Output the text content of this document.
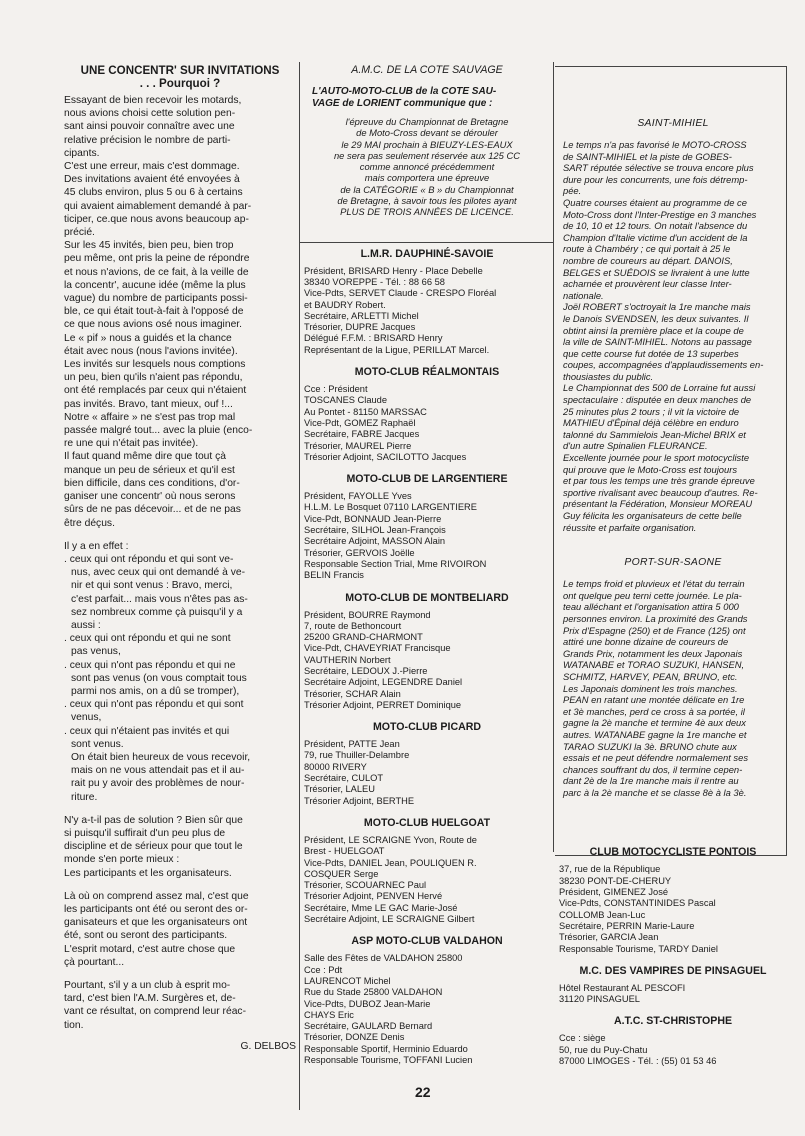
UNE CONCENTR' SUR INVITATIONS
. . . Pourquoi ?

Essayant de bien recevoir les motards,

nous avions choisi cette solution pen-

sant ainsi pouvoir connaître avec une

relative précision le nombre de parti-

cipants.

C'est une erreur, mais c'est dommage.

Des invitations avaient été envoyées à

45 clubs environ, plus 5 ou 6 à certains

qui avaient aimablement demandé à par-

ticiper, ce.que nous avons beaucoup ap-

précié.

Sur les 45 invités, bien peu, bien trop

peu même, ont pris la peine de répondre

et nous n'avions, de ce fait, à la veille de

la concentr', aucune idée (même la plus

vague) du nombre de participants possi-

ble, ce qui était tout-à-fait à l'opposé de

ce que nous avions osé nous imaginer.

Le « pif » nous a guidés et la chance

était avec nous (nous l'avions invitée).

Les invités sur lesquels nous comptions

un peu, bien qu'ils n'aient pas répondu,

ont été remplacés par ceux qui n'étaient

pas invités. Bravo, tant mieux, ouf !...

Notre « affaire » ne s'est pas trop mal

passée malgré tout... avec la pluie (enco-

re une qui n'était pas invitée).

Il faut quand même dire que tout çà

manque un peu de sérieux et qu'il est

bien difficile, dans ces conditions, d'or-

ganiser une concentr' où nous serons

sûrs de ne pas décevoir... et de ne pas

être déçus.

Il y a en effet :

. ceux qui ont répondu et qui sont ve-

nus, avec ceux qui ont demandé à ve-

nir et qui sont venus : Bravo, merci,

c'est parfait... mais vous n'êtes pas as-

sez nombreux comme çà puisqu'il y a

aussi :

. ceux qui ont répondu et qui ne sont

pas venus,

. ceux qui n'ont pas répondu et qui ne

sont pas venus (on vous comptait tous

parmi nos amis, on a dû se tromper),

. ceux qui n'ont pas répondu et qui sont

venus,

. ceux qui n'étaient pas invités et qui

sont venus.

On était bien heureux de vous recevoir,

mais on ne vous attendait pas et il au-

rait pu y avoir des problèmes de nour-

riture.

N'y a-t-il pas de solution ? Bien sûr que

si puisqu'il suffirait d'un peu plus de

discipline et de sérieux pour que tout le

monde s'en porte mieux :

Les participants et les organisateurs.

Là où on comprend assez mal, c'est que

les participants ont été ou seront des or-

ganisateurs et que les organisateurs ont

été, sont ou seront des participants.

L'esprit motard, c'est autre chose que

çà pourtant...

Pourtant, s'il y a un club à esprit mo-

tard, c'est bien l'A.M. Surgères et, de-

vant ce résultat, on comprend leur réac-

tion.

G. DELBOS

A.M.C. DE LA COTE SAUVAGE
L'AUTO-MOTO-CLUB de la COTE SAU-
VAGE de LORIENT communique que :
l'épreuve du Championnat de Bretagne
de Moto-Cross devant se dérouler
le 29 MAI prochain à BIEUZY-LES-EAUX
ne sera pas seulement réservée aux 125 CC
comme annoncé précédemment
mais comportera une épreuve
de la CATÉGORIE « B » du Championnat
de Bretagne, à savoir tous les pilotes ayant
PLUS DE TROIS ANNÉES DE LICENCE.
L.M.R. DAUPHINÉ-SAVOIE
Président, BRISARD Henry - Place Debelle
38340 VOREPPE - Tél. : 88 66 58
Vice-Pdts, SERVET Claude - CRESPO Floréal
et BAUDRY Robert.
Secrétaire, ARLETTI Michel
Trésorier, DUPRE Jacques
Délégué F.F.M. : BRISARD Henry
Représentant de la Ligue, PERILLAT Marcel.
MOTO-CLUB RÉALMONTAIS
Cce : Président
TOSCANES Claude
Au Pontet - 81150 MARSSAC
Vice-Pdt, GOMEZ Raphaël
Secrétaire, FABRE Jacques
Trésorier, MAUREL Pierre
Trésorier Adjoint, SACILOTTO Jacques
MOTO-CLUB DE LARGENTIERE
Président, FAYOLLE Yves
H.L.M. Le Bosquet 07110 LARGENTIERE
Vice-Pdt, BONNAUD Jean-Pierre
Secrétaire, SILHOL Jean-François
Secrétaire Adjoint, MASSON Alain
Trésorier, GERVOIS Joëlle
Responsable Section Trial, Mme RIVOIRON
BELIN Francis
MOTO-CLUB DE MONTBELIARD
Président, BOURRE Raymond
7, route de Bethoncourt
25200 GRAND-CHARMONT
Vice-Pdt, CHAVEYRIAT Francisque
VAUTHERIN Norbert
Secrétaire, LEDOUX J.-Pierre
Secrétaire Adjoint, LEGENDRE Daniel
Trésorier, SCHAR Alain
Trésorier Adjoint, PERRET Dominique
MOTO-CLUB PICARD
Président, PATTE Jean
79, rue Thuiller-Delambre
80000 RIVERY
Secrétaire, CULOT
Trésorier, LALEU
Trésorier Adjoint, BERTHE
MOTO-CLUB HUELGOAT
Président, LE SCRAIGNE Yvon, Route de
Brest - HUELGOAT
Vice-Pdts, DANIEL Jean, POULIQUEN R.
COSQUER Serge
Trésorier, SCOUARNEC Paul
Trésorier Adjoint, PENVEN Hervé
Secrétaire, Mme LE GAC Marie-José
Secrétaire Adjoint, LE SCRAIGNE Gilbert
ASP MOTO-CLUB VALDAHON
Salle des Fêtes de VALDAHON 25800
Cce : Pdt
LAURENCOT Michel
Rue du Stade 25800 VALDAHON
Vice-Pdts, DUBOZ Jean-Marie
CHAYS Eric
Secrétaire, GAULARD Bernard
Trésorier, DONZE Denis
Responsable Sportif, Herminio Eduardo
Responsable Tourisme, TOFFANI Lucien
SAINT-MIHIEL

Le temps n'a pas favorisé le MOTO-CROSS

de SAINT-MIHIEL et la piste de GOBES-

SART réputée sélective se trouva encore plus

dure pour les concurrents, une fois détremp-

pée.

Quatre courses étaient au programme de ce

Moto-Cross dont l'Inter-Prestige en 3 manches

de 10, 10 et 12 tours. On notait l'absence du

Champion d'Italie victime d'un accident de la

route à Chambéry ; ce qui portait à 25 le

nombre de coureurs au départ. DANOIS,

BELGES et SUÉDOIS se livraient à une lutte

acharnée et prouvèrent leur classe Inter-

nationale.

Joël ROBERT s'octroyait la 1re manche mais

le Danois SVENDSEN, les deux suivantes. Il

obtint ainsi la première place et la coupe de

la ville de SAINT-MIHIEL. Notons au passage

que cette course fut dotée de 13 superbes

coupes, accompagnées d'applaudissements en-

thousiastes du public.

Le Championnat des 500 de Lorraine fut aussi

spectaculaire : disputée en deux manches de

25 minutes plus 2 tours ; il vit la victoire de

MATHIEU d'Épinal déjà célèbre en enduro

talonné du Sammielois Jean-Michel BRIX et

d'un autre Spinalien FLEURANCE.

Excellente journée pour le sport motocycliste

qui prouve que le Moto-Cross est toujours

et par tous les temps une très grande épreuve

sportive rivalisant avec beaucoup d'autres. Re-

présentant la Fédération, Monsieur MOREAU

Guy félicita les organisateurs de cette belle

réussite et parfaite organisation.

PORT-SUR-SAONE

Le temps froid et pluvieux et l'état du terrain

ont quelque peu terni cette journée. Le pla-

teau alléchant et l'organisation attira 5 000

personnes environ. La proximité des Grands

Prix d'Espagne (250) et de France (125) ont

attiré une bonne dizaine de coureurs de

Grands Prix, notamment les deux Japonais

WATANABE et TORAO SUZUKI, HANSEN,

SCHMITZ, HARVEY, PEAN, BRUNO, etc.

Les Japonais dominent les trois manches.

PEAN en ratant une montée délicate en 1re

et 3è manches, perd ce cross à sa portée, il

gagne la 2è manche et termine 4è aux deux

autres. WATANABE gagne la 1re manche et

TARAO SUZUKI la 3è. BRUNO chute aux

essais et ne peut défendre normalement ses

chances souffrant du dos, il termine cepen-

dant 2è de la 1re manche mais il rentre au

parc à la 2è manche et se classe 8è à la 3è.

CLUB MOTOCYCLISTE PONTOIS
37, rue de la République
38230 PONT-DE-CHERUY
Président, GIMENEZ José
Vice-Pdts, CONSTANTINIDES Pascal
COLLOMB Jean-Luc
Secrétaire, PERRIN Marie-Laure
Trésorier, GARCIA Jean
Responsable Tourisme, TARDY Daniel
M.C. DES VAMPIRES DE PINSAGUEL
Hôtel Restaurant AL PESCOFI
31120 PINSAGUEL
A.T.C. ST-CHRISTOPHE
Cce : siège
50, rue du Puy-Chatu
87000 LIMOGES - Tél. : (55) 01 53 46
22
